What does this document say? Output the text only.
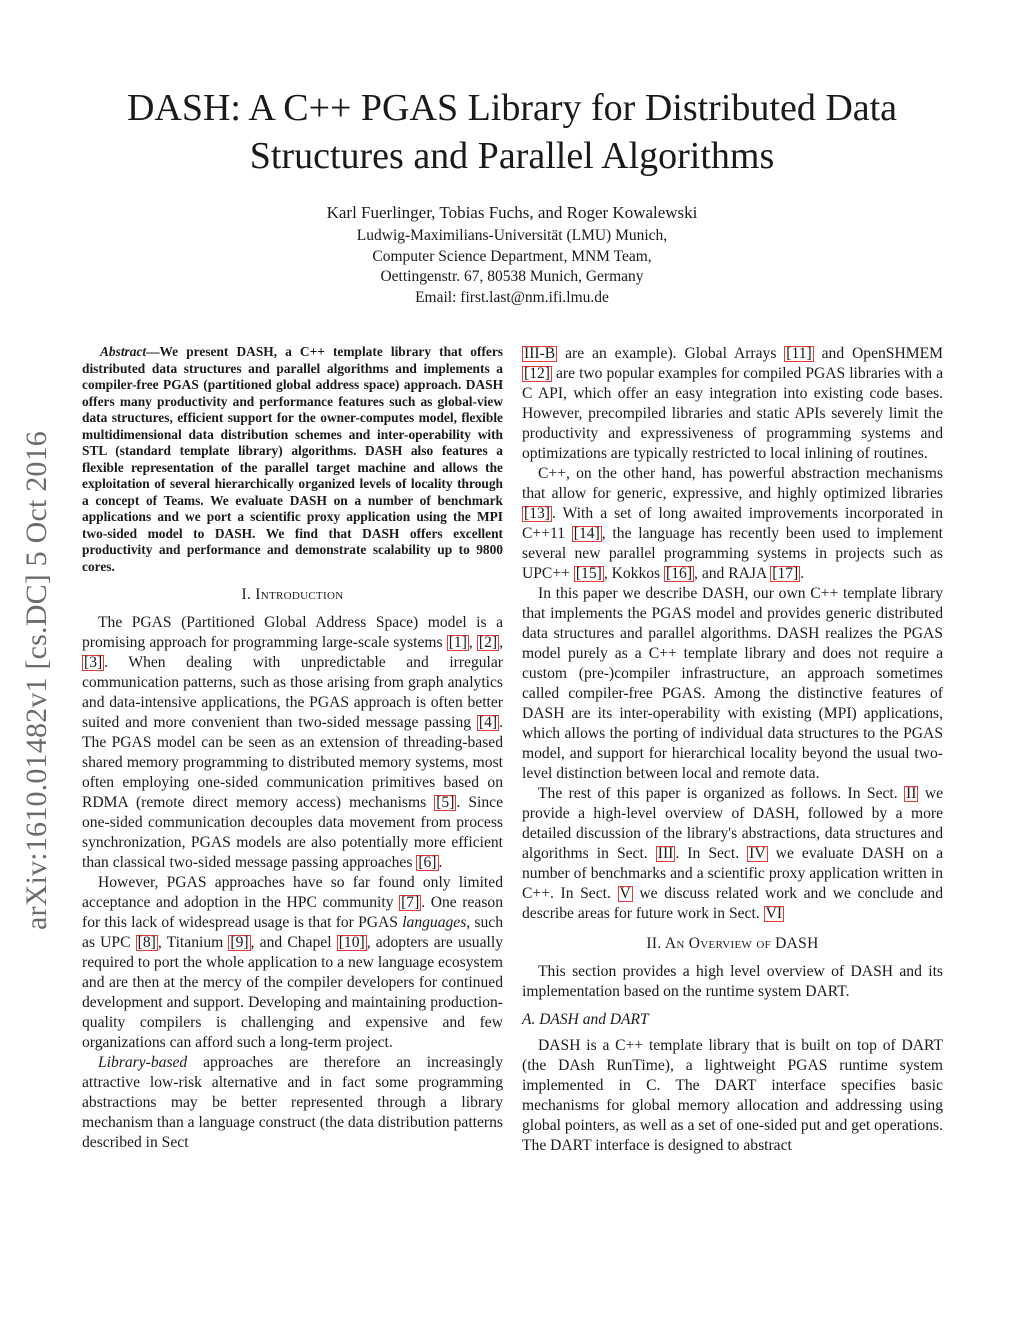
DASH: A C++ PGAS Library for Distributed Data
Structures and Parallel Algorithms

Karl Fuerlinger, Tobias Fuchs, and Roger Kowalewski

Ludwig-Maximilians-Universität (LMU) Munich,

Computer Science Department, MNM Team,

Oettingenstr. 67, 80538 Munich, Germany

Email: first.last@nm.ifi.lmu.de

arXiv:1610.01482v1 [cs.DC] 5 Oct 2016

Abstract—We present DASH, a C++ template library that offers distributed data structures and parallel algorithms and implements a compiler-free PGAS (partitioned global address space) approach. DASH offers many productivity and performance features such as global-view data structures, efficient support for the owner-computes model, flexible multidimensional data distribution schemes and inter-operability with STL (standard template library) algorithms. DASH also features a flexible representation of the parallel target machine and allows the exploitation of several hierarchically organized levels of locality through a concept of Teams. We evaluate DASH on a number of benchmark applications and we port a scientific proxy application using the MPI two-sided model to DASH. We find that DASH offers excellent productivity and performance and demonstrate scalability up to 9800 cores.

I. Introduction

The PGAS (Partitioned Global Address Space) model is a promising approach for programming large-scale systems [1] , [2] , [3] . When dealing with unpredictable and irregular communication patterns, such as those arising from graph analytics and data-intensive applications, the PGAS approach is often better suited and more convenient than two-sided message passing [4] . The PGAS model can be seen as an extension of threading-based shared memory programming to distributed memory systems, most often employing one-sided communication primitives based on RDMA (remote direct memory access) mechanisms [5] . Since one-sided communication decouples data movement from process synchronization, PGAS models are also potentially more efficient than classical two-sided message passing approaches [6] .

However, PGAS approaches have so far found only limited acceptance and adoption in the HPC community [7] . One reason for this lack of widespread usage is that for PGAS languages, such as UPC [8] , Titanium [9] , and Chapel [10] , adopters are usually required to port the whole application to a new language ecosystem and are then at the mercy of the compiler developers for continued development and support. Developing and maintaining production-quality compilers is challenging and expensive and few organizations can afford such a long-term project.

Library-based approaches are therefore an increasingly attractive low-risk alternative and in fact some programming abstractions may be better represented through a library mechanism than a language construct (the data distribution patterns described in Sect

III-B are an example). Global Arrays [11] and OpenSHMEM [12] are two popular examples for compiled PGAS libraries with a C API, which offer an easy integration into existing code bases. However, precompiled libraries and static APIs severely limit the productivity and expressiveness of programming systems and optimizations are typically restricted to local inlining of routines.

C++, on the other hand, has powerful abstraction mechanisms that allow for generic, expressive, and highly optimized libraries [13] . With a set of long awaited improvements incorporated in C++11 [14] , the language has recently been used to implement several new parallel programming systems in projects such as UPC++ [15] , Kokkos [16] , and RAJA [17] .

In this paper we describe DASH, our own C++ template library that implements the PGAS model and provides generic distributed data structures and parallel algorithms. DASH realizes the PGAS model purely as a C++ template library and does not require a custom (pre-)compiler infrastructure, an approach sometimes called compiler-free PGAS. Among the distinctive features of DASH are its inter-operability with existing (MPI) applications, which allows the porting of individual data structures to the PGAS model, and support for hierarchical locality beyond the usual two-level distinction between local and remote data.

The rest of this paper is organized as follows. In Sect. II we provide a high-level overview of DASH, followed by a more detailed discussion of the library's abstractions, data structures and algorithms in Sect. III . In Sect. IV we evaluate DASH on a number of benchmarks and a scientific proxy application written in C++. In Sect. V we discuss related work and we conclude and describe areas for future work in Sect. VI

II. An Overview of DASH

This section provides a high level overview of DASH and its implementation based on the runtime system DART.

A. DASH and DART

DASH is a C++ template library that is built on top of DART (the DAsh RunTime), a lightweight PGAS runtime system implemented in C. The DART interface specifies basic mechanisms for global memory allocation and addressing using global pointers, as well as a set of one-sided put and get operations. The DART interface is designed to abstract
